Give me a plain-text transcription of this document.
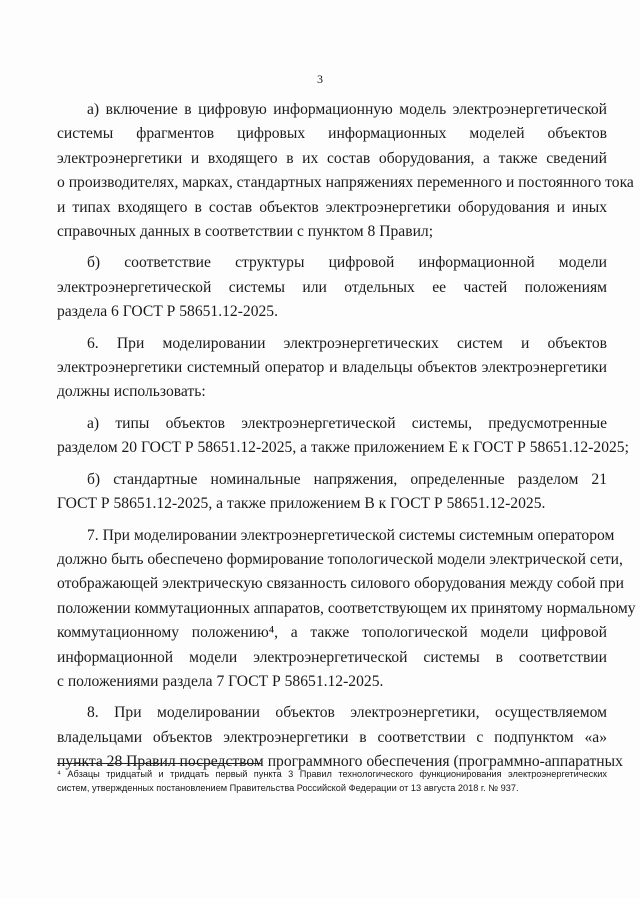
3
а) включение в цифровую информационную модель электроэнергетической
системы фрагментов цифровых информационных моделей объектов
электроэнергетики и входящего в их состав оборудования, а также сведений
о производителях, марках, стандартных напряжениях переменного и постоянного тока
и типах входящего в состав объектов электроэнергетики оборудования и иных
справочных данных в соответствии с пунктом 8 Правил;
б) соответствие структуры цифровой информационной модели
электроэнергетической системы или отдельных ее частей положениям
раздела 6 ГОСТ Р 58651.12-2025.
6. При моделировании электроэнергетических систем и объектов
электроэнергетики системный оператор и владельцы объектов электроэнергетики
должны использовать:
а) типы объектов электроэнергетической системы, предусмотренные
разделом 20 ГОСТ Р 58651.12-2025, а также приложением Е к ГОСТ Р 58651.12-2025;
б) стандартные номинальные напряжения, определенные разделом 21
ГОСТ Р 58651.12-2025, а также приложением В к ГОСТ Р 58651.12-2025.
7. При моделировании электроэнергетической системы системным оператором
должно быть обеспечено формирование топологической модели электрической сети,
отображающей электрическую связанность силового оборудования между собой при
положении коммутационных аппаратов, соответствующем их принятому нормальному
коммутационному положению⁴, а также топологической модели цифровой
информационной модели электроэнергетической системы в соответствии
с положениями раздела 7 ГОСТ Р 58651.12-2025.
8. При моделировании объектов электроэнергетики, осуществляемом
владельцами объектов электроэнергетики в соответствии с подпунктом «а»
пункта 28 Правил посредством программного обеспечения (программно-аппаратных
⁴ Абзацы тридцатый и тридцать первый пункта 3 Правил технологического функционирования электроэнергетических
систем, утвержденных постановлением Правительства Российской Федерации от 13 августа 2018 г. № 937.
